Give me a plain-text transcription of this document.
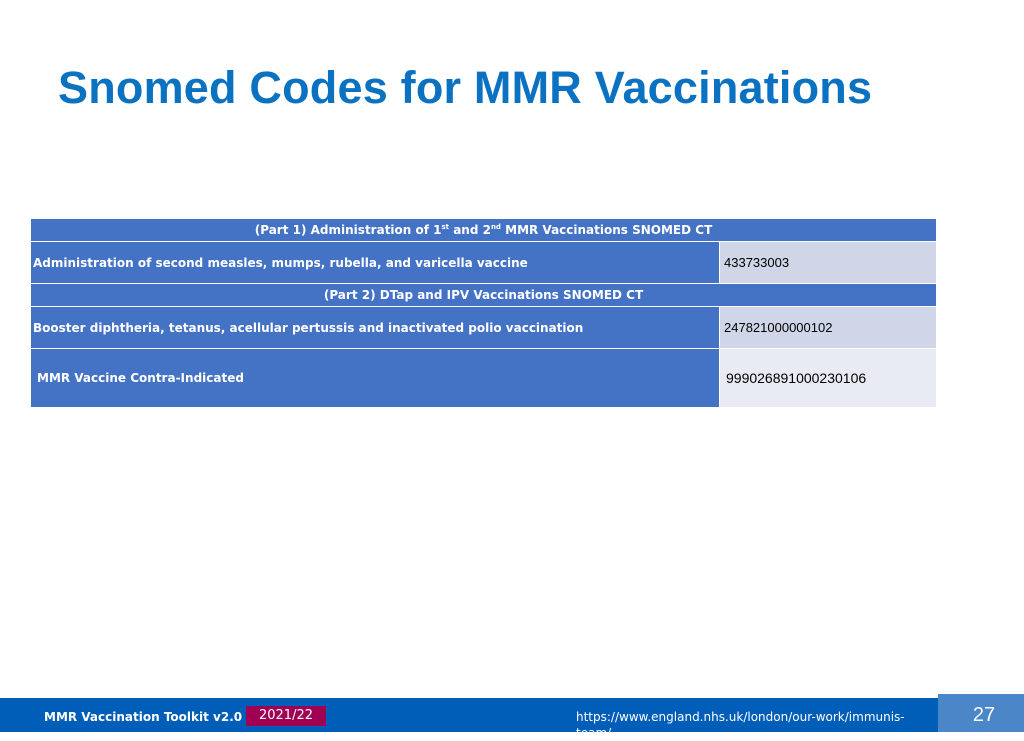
Snomed Codes for MMR Vaccinations
(Part 1) Administration of 1st and 2nd MMR Vaccinations SNOMED CT	
Administration of second measles, mumps, rubella, and varicella vaccine	433733003
(Part 2) DTap and IPV Vaccinations SNOMED CT	
Booster diphtheria, tetanus, acellular pertussis and inactivated polio vaccination	247821000000102
MMR Vaccine Contra-Indicated	999026891000230106
MMR Vaccination Toolkit v2.0	2021/22	https://www.england.nhs.uk/london/our-work/immunis-team/
27
